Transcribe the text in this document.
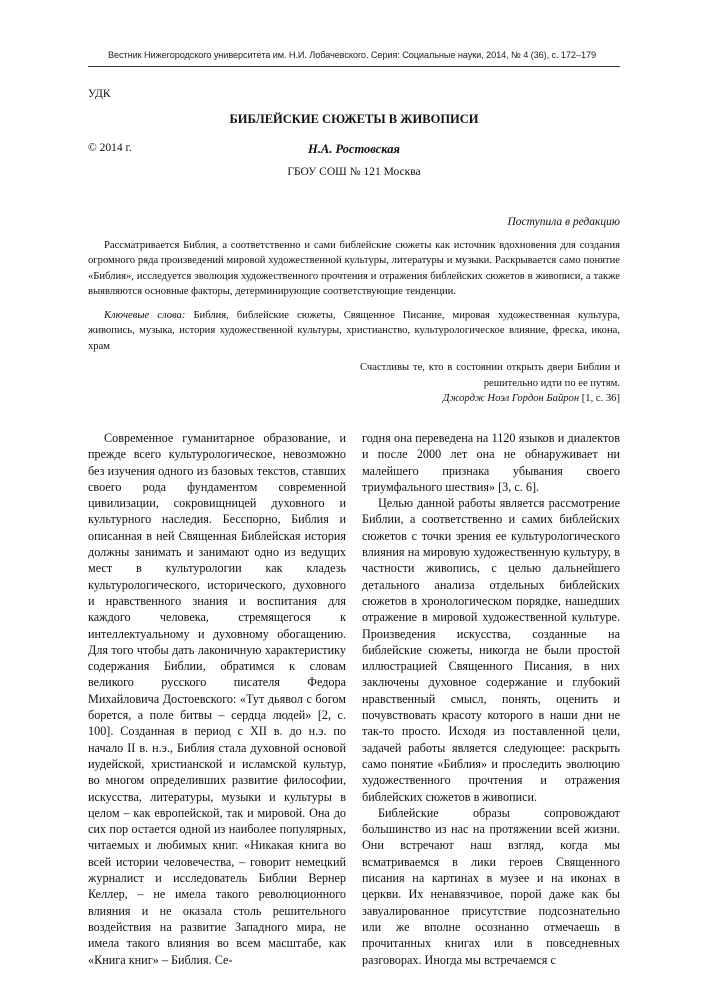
Вестник Нижегородского университета им. Н.И. Лобачевского. Серия: Социальные науки, 2014, № 4 (36), с. 172–179
УДК
БИБЛЕЙСКИЕ СЮЖЕТЫ В ЖИВОПИСИ
© 2014 г.	Н.А. Ростовская
ГБОУ СОШ № 121 Москва
Поступила в редакцию

Рассматривается Библия, а соответственно и сами библейские сюжеты как источник вдохновения для создания огромного ряда произведений мировой художественной культуры, литературы и музыки. Раскрывается само понятие «Библия», исследуется эволюция художественного прочтения и отражения библейских сюжетов в живописи, а также выявляются основные факторы, детерминирующие соответствующие тенденции.

Ключевые слова: Библия, библейские сюжеты, Священное Писание, мировая художественная культура, живопись, музыка, история художественной культуры, христианство, культурологическое влияние, фреска, икона, храм

Счастливы те, кто в состоянии открыть двери Библии и решительно идти по ее путям.
Джордж Ноэл Гордон Байрон [1, с. 36]

Современное гуманитарное образование, и прежде всего культурологическое, невозможно без изучения одного из базовых текстов, ставших своего рода фундаментом современной цивилизации, сокровищницей духовного и культурного наследия. Бесспорно, Библия и описанная в ней Священная Библейская история должны занимать и занимают одно из ведущих мест в культурологии как кладезь культурологического, исторического, духовного и нравственного знания и воспитания для каждого человека, стремящегося к интеллектуальному и духовному обогащению. Для того чтобы дать лаконичную характеристику содержания Библии, обратимся к словам великого русского писателя Федора Михайловича Достоевского: «Тут дьявол с богом борется, а поле битвы – сердца людей» [2, с. 100]. Созданная в период с XII в. до н.э. по начало II в. н.э., Библия стала духовной основой иудейской, христианской и исламской культур, во многом определивших развитие философии, искусства, литературы, музыки и культуры в целом – как европейской, так и мировой. Она до сих пор остается одной из наиболее популярных, читаемых и любимых книг. «Никакая книга во всей истории человечества, – говорит немецкий журналист и исследователь Библии Вернер Келлер, – не имела такого революционного влияния и не оказала столь решительного воздействия на развитие Западного мира, не имела такого влияния во всем масштабе, как «Книга книг» – Библия. Се-

годня она переведена на 1120 языков и диалектов и после 2000 лет она не обнаруживает ни малейшего признака убывания своего триумфального шествия» [3, с. 6].

Целью данной работы является рассмотрение Библии, а соответственно и самих библейских сюжетов с точки зрения ее культурологического влияния на мировую художественную культуру, в частности живопись, с целью дальнейшего детального анализа отдельных библейских сюжетов в хронологическом порядке, нашедших отражение в мировой художественной культуре. Произведения искусства, созданные на библейские сюжеты, никогда не были простой иллюстрацией Священного Писания, в них заключены духовное содержание и глубокий нравственный смысл, понять, оценить и почувствовать красоту которого в наши дни не так-то просто. Исходя из поставленной цели, задачей работы является следующее: раскрыть само понятие «Библия» и проследить эволюцию художественного прочтения и отражения библейских сюжетов в живописи.

Библейские образы сопровождают большинство из нас на протяжении всей жизни. Они встречают наш взгляд, когда мы всматриваемся в лики героев Священного писания на картинах в музее и на иконах в церкви. Их ненавязчивое, порой даже как бы завуалированное присутствие подсознательно или же вполне осознанно отмечаешь в прочитанных книгах или в повседневных разговорах. Иногда мы встречаемся с
